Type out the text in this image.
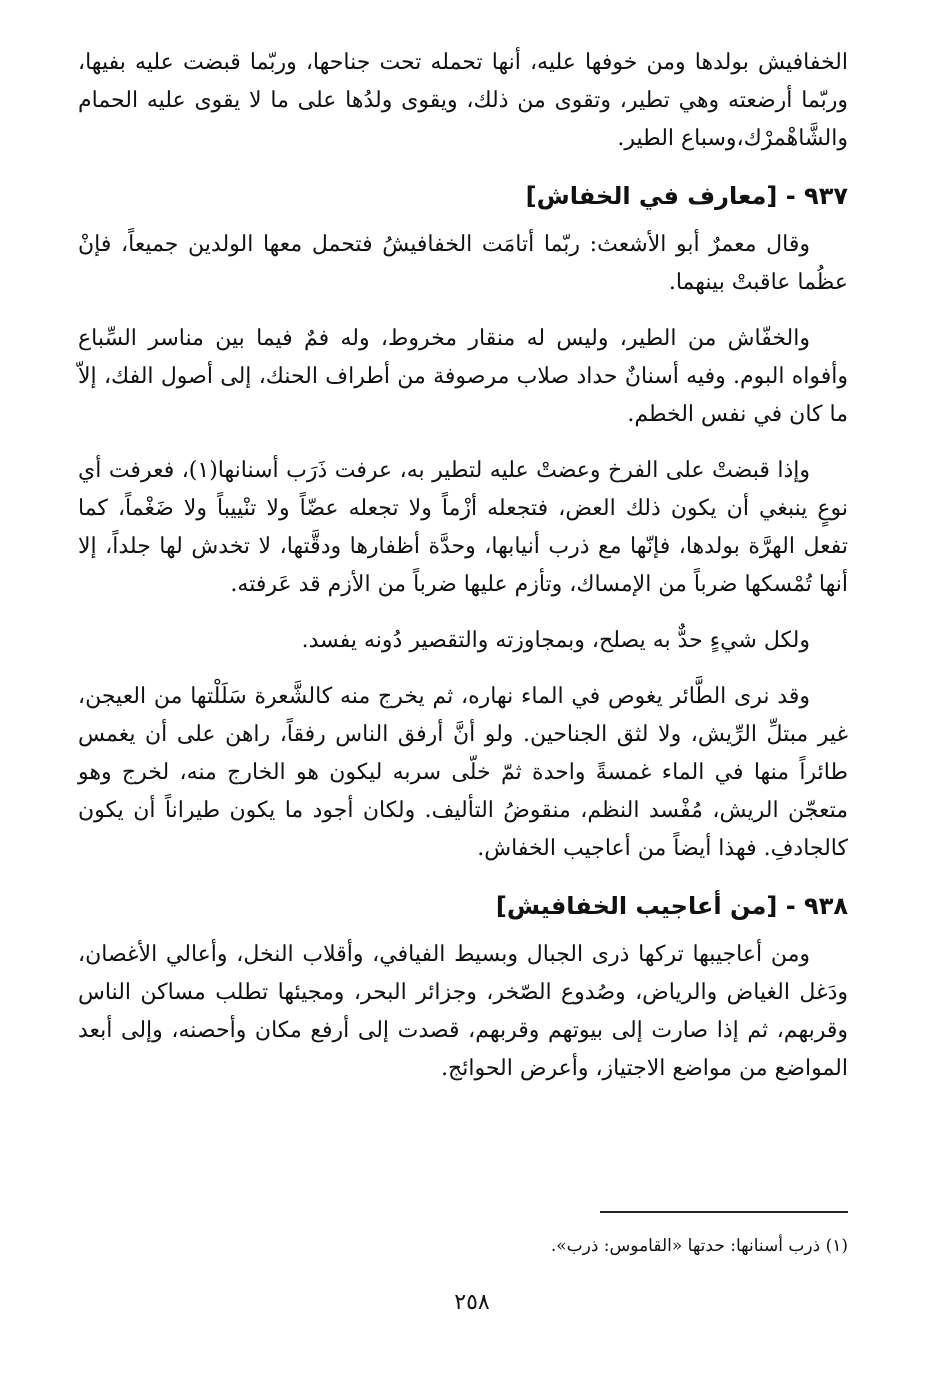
الخفافيش بولدها ومن خوفها عليه، أنها تحمله تحت جناحها، وربّما قبضت عليه بفيها، وربّما أرضعته وهي تطير، وتقوى من ذلك، ويقوى ولدُها على ما لا يقوى عليه الحمام والشَّاهْمرْك،وسباع الطير.

٩٣٧ - [معارف في الخفاش]

وقال معمرٌ أبو الأشعث: ربّما أتامَت الخفافيشُ فتحمل معها الولدين جميعاً، فإنْ عظُما عاقبتْ بينهما.

والخفّاش من الطير، وليس له منقار مخروط، وله فمٌ فيما بين مناسر السِّباع وأفواه البوم. وفيه أسنانٌ حداد صلاب مرصوفة من أطراف الحنك، إلى أصول الفك، إلاّ ما كان في نفس الخطم.

وإذا قبضتْ على الفرخ وعضتْ عليه لتطير به، عرفت ذَرَب أسنانها(١)، فعرفت أي نوعٍ ينبغي أن يكون ذلك العض، فتجعله أزْماً ولا تجعله عضّاً ولا تنْييباً ولا ضَغْماً، كما تفعل الهرَّة بولدها، فإنّها مع ذرب أنيابها، وحدَّة أظفارها ودقَّتها، لا تخدش لها جلداً، إلا أنها تُمْسكها ضرباً من الإمساك، وتأزم عليها ضرباً من الأزم قد عَرفته.

ولكل شيءٍ حدٌّ به يصلح، وبمجاوزته والتقصير دُونه يفسد.

وقد نرى الطَّائر يغوص في الماء نهاره، ثم يخرج منه كالشَّعرة سَلَلْتها من العيجن، غير مبتلِّ الرِّيش، ولا لثق الجناحين. ولو أنَّ أرفق الناس رفقاً، راهن على أن يغمس طائراً منها في الماء غمسةً واحدة ثمّ خلّى سربه ليكون هو الخارج منه، لخرج وهو متعجّن الريش، مُفْسد النظم، منقوضُ التأليف. ولكان أجود ما يكون طيراناً أن يكون كالجادفِ. فهذا أيضاً من أعاجيب الخفاش.

٩٣٨ - [من أعاجيب الخفافيش]

ومن أعاجيبها تركها ذرى الجبال وبسيط الفيافي، وأقلاب النخل، وأعالي الأغصان، ودَغل الغياض والرياض، وصُدوع الصّخر، وجزائر البحر، ومجيئها تطلب مساكن الناس وقربهم، ثم إذا صارت إلى بيوتهم وقربهم، قصدت إلى أرفع مكان وأحصنه، وإلى أبعد المواضع من مواضع الاجتياز، وأعرض الحوائج.

(١) ذرب أسنانها: حدتها «القاموس: ذرب».
٢٥٨
